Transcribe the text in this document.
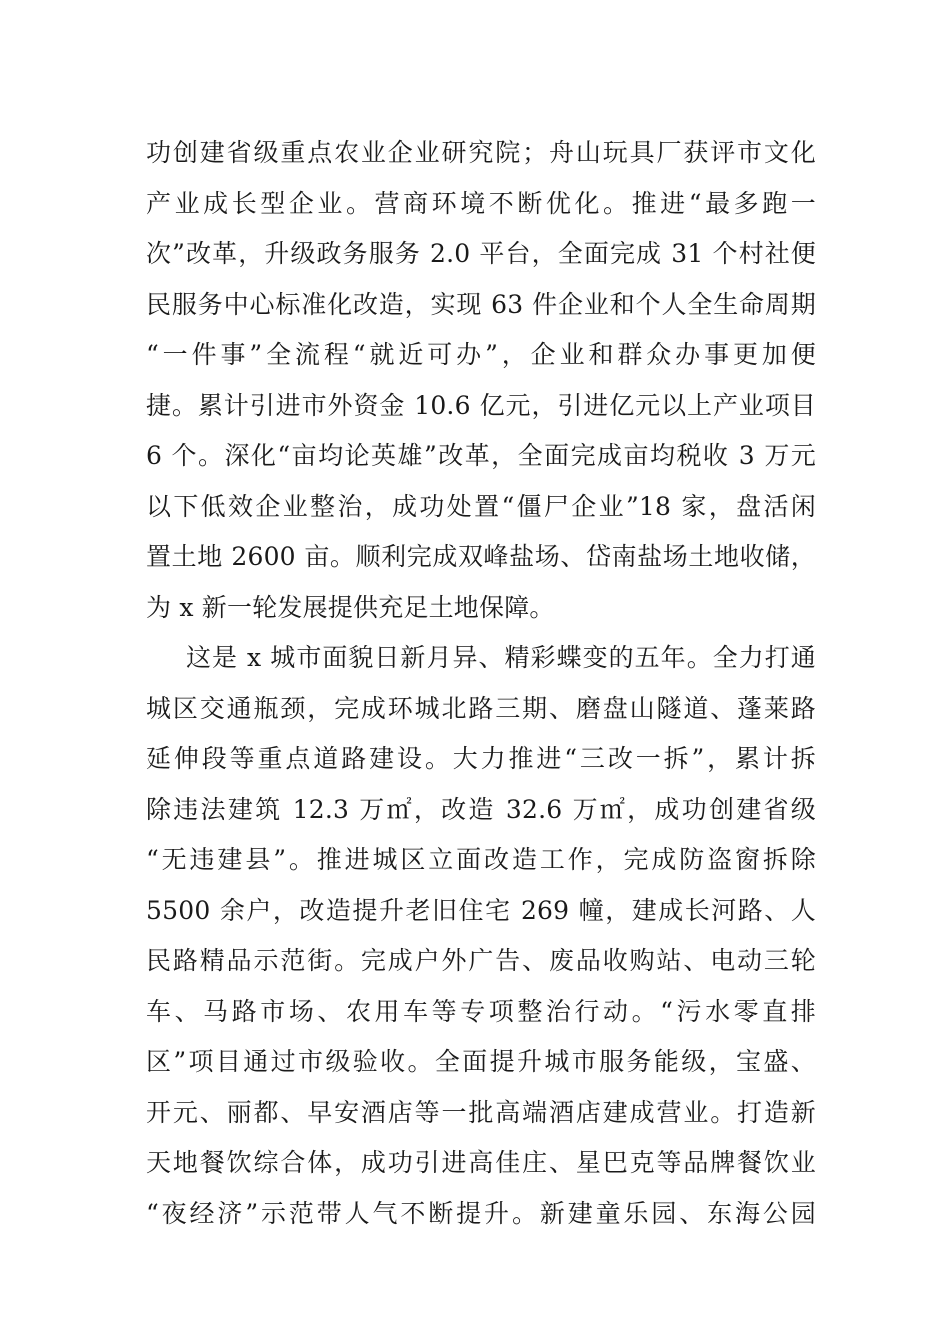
功创建省级重点农业企业研究院；舟山玩具厂获评市文化
产业成长型企业。营商环境不断优化。推进“最多跑一
次”改革，升级政务服务 2.0 平台，全面完成 31 个村社便
民服务中心标准化改造，实现 63 件企业和个人全生命周期
“一件事”全流程“就近可办”，企业和群众办事更加便
捷。累计引进市外资金 10.6 亿元，引进亿元以上产业项目
6 个。深化“亩均论英雄”改革，全面完成亩均税收 3 万元
以下低效企业整治，成功处置“僵尸企业”18 家，盘活闲
置土地 2600 亩。顺利完成双峰盐场、岱南盐场土地收储，
为 x 新一轮发展提供充足土地保障。
这是 x 城市面貌日新月异、精彩蝶变的五年。全力打通
城区交通瓶颈，完成环城北路三期、磨盘山隧道、蓬莱路
延伸段等重点道路建设。大力推进“三改一拆”，累计拆
除违法建筑 12.3 万㎡，改造 32.6 万㎡，成功创建省级
“无违建县”。推进城区立面改造工作，完成防盗窗拆除
5500 余户，改造提升老旧住宅 269 幢，建成长河路、人
民路精品示范街。完成户外广告、废品收购站、电动三轮
车、马路市场、农用车等专项整治行动。“污水零直排
区”项目通过市级验收。全面提升城市服务能级，宝盛、
开元、丽都、早安酒店等一批高端酒店建成营业。打造新
天地餐饮综合体，成功引进高佳庄、星巴克等品牌餐饮业
“夜经济”示范带人气不断提升。新建童乐园、东海公园
